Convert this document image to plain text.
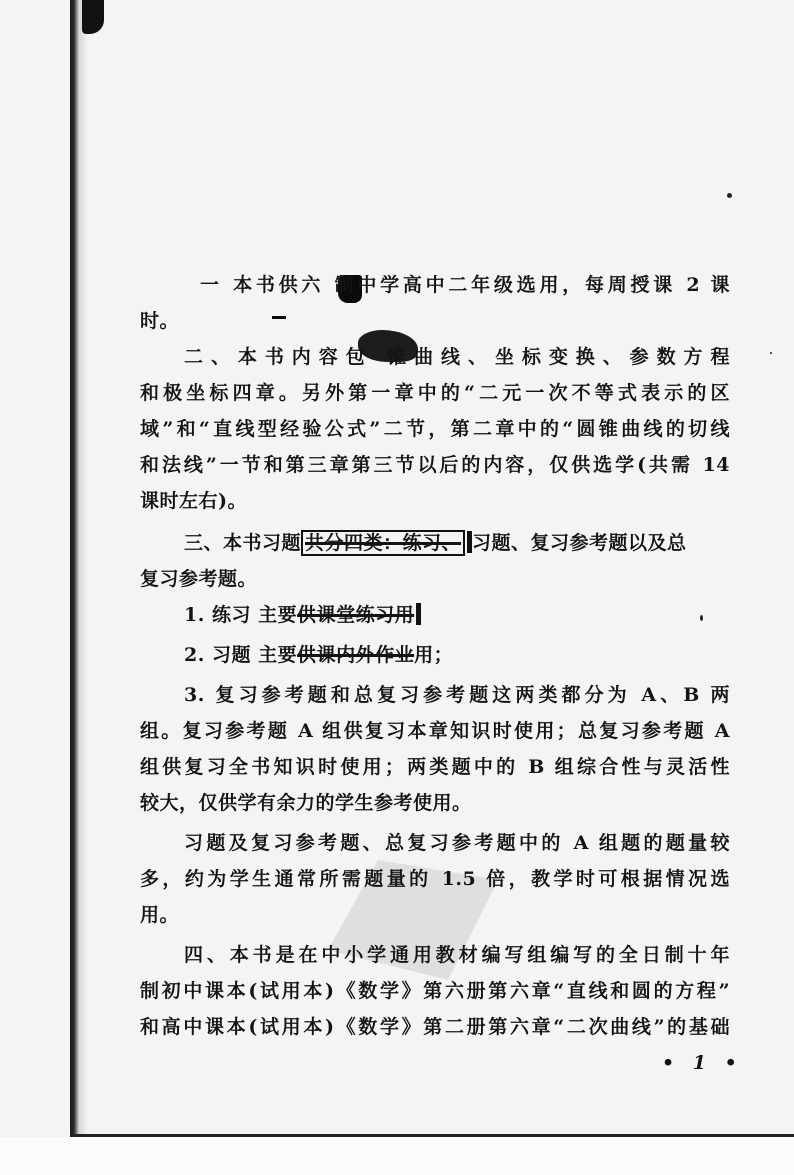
一 本书供六 制中学高中二年级选用，每周授课 2 课
时。
二、本书内容包 锥曲线、坐标变换、参数方程
和极坐标四章。另外第一章中的“二元一次不等式表示的区
域”和“直线型经验公式”二节，第二章中的“圆锥曲线的切线
和法线”一节和第三章第三节以后的内容，仅供选学(共需 14
课时左右)。
三、本书习题 共分四类：练习、 习题、复习参考题以及总
复习参考题。
1. 练习 主要供课堂练习用
2. 习题 主要供课内外作业用；
3. 复习参考题和总复习参考题这两类都分为 A、B 两
组。复习参考题 A 组供复习本章知识时使用；总复习参考题 A
组供复习全书知识时使用；两类题中的 B 组综合性与灵活性
较大，仅供学有余力的学生参考使用。
习题及复习参考题、总复习参考题中的 A 组题的题量较
多，约为学生通常所需题量的 1.5 倍，教学时可根据情况选
用。
四、本书是在中小学通用教材编写组编写的全日制十年
制初中课本(试用本)《数学》第六册第六章“直线和圆的方程”
和高中课本(试用本)《数学》第二册第六章“二次曲线”的基础
• 1 •
